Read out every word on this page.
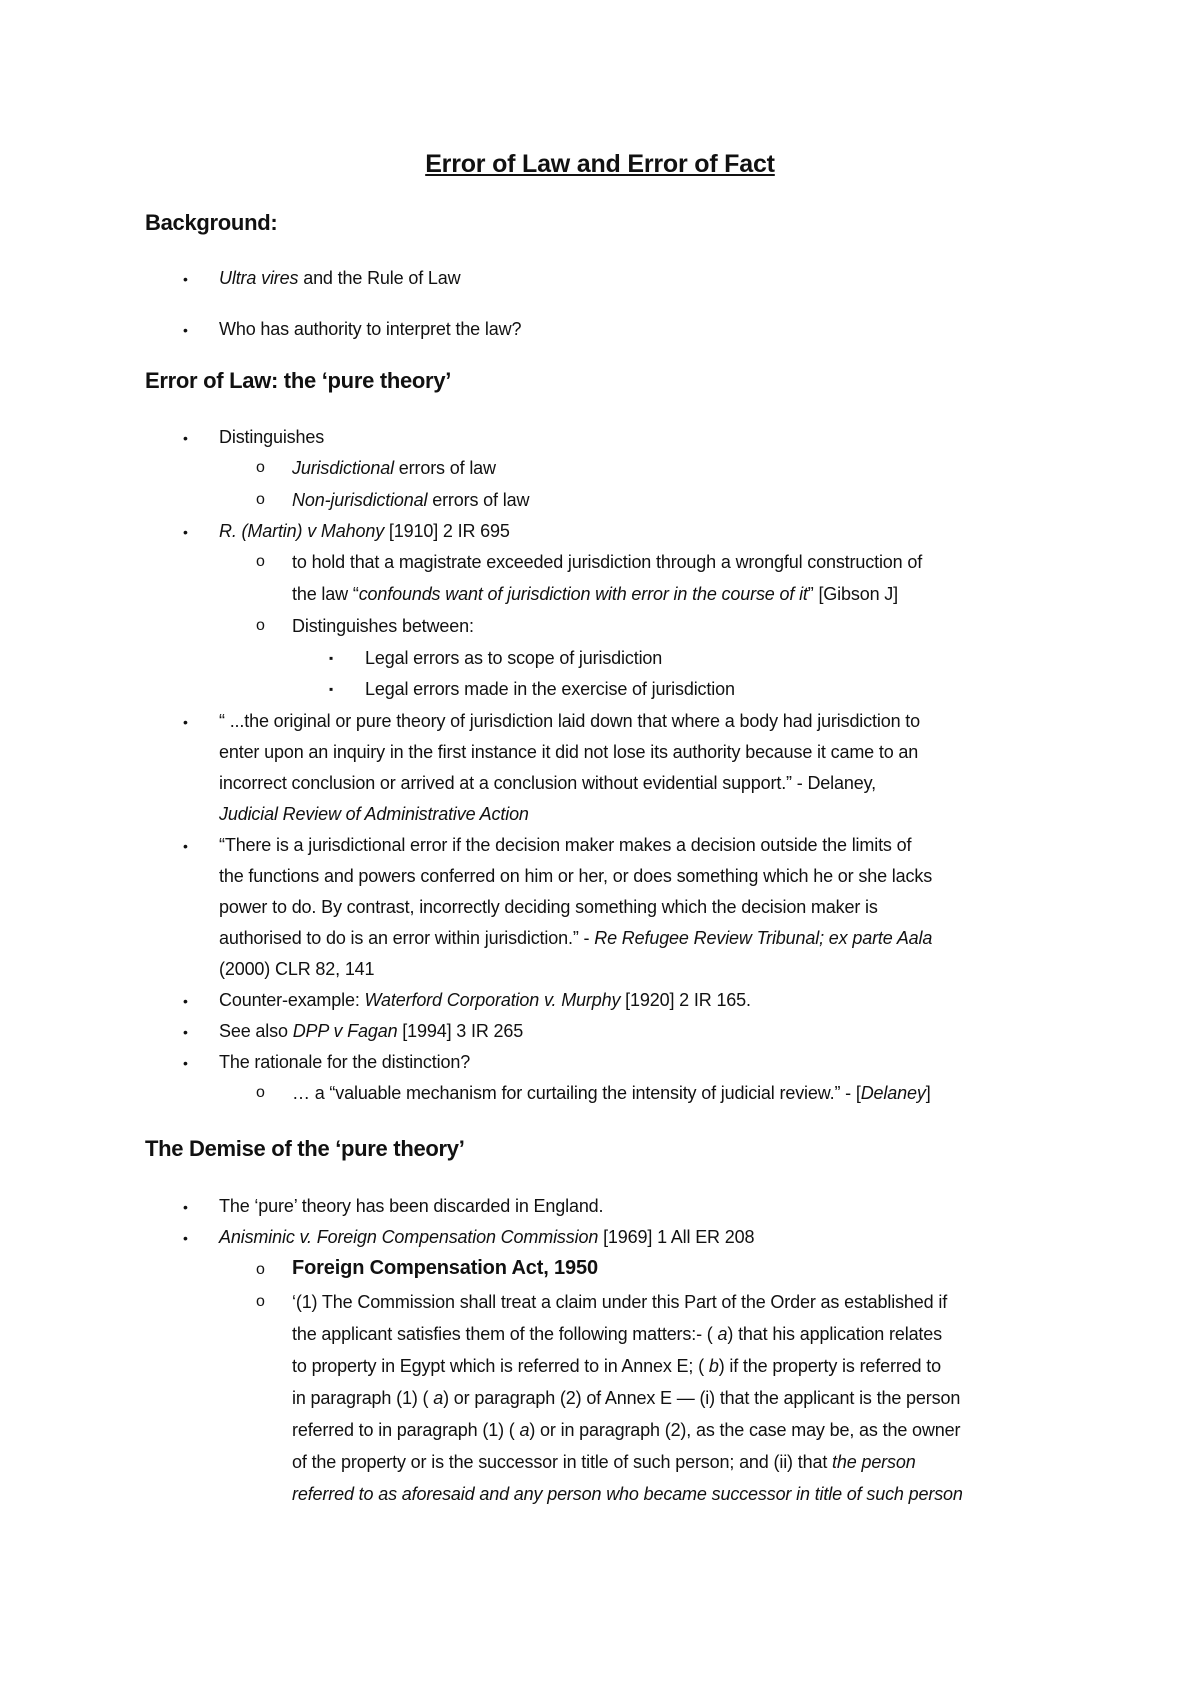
Error of Law and Error of Fact
Background:
• Ultra vires and the Rule of Law
• Who has authority to interpret the law?
Error of Law: the ‘pure theory’
• Distinguishes
o Jurisdictional errors of law
o Non-jurisdictional errors of law
• R. (Martin) v Mahony [1910] 2 IR 695
o to hold that a magistrate exceeded jurisdiction through a wrongful construction of
the law “confounds want of jurisdiction with error in the course of it” [Gibson J]
o Distinguishes between:
▪ Legal errors as to scope of jurisdiction
▪ Legal errors made in the exercise of jurisdiction
• “ ...the original or pure theory of jurisdiction laid down that where a body had jurisdiction to
enter upon an inquiry in the first instance it did not lose its authority because it came to an
incorrect conclusion or arrived at a conclusion without evidential support.” - Delaney,
Judicial Review of Administrative Action
• “There is a jurisdictional error if the decision maker makes a decision outside the limits of
the functions and powers conferred on him or her, or does something which he or she lacks
power to do. By contrast, incorrectly deciding something which the decision maker is
authorised to do is an error within jurisdiction.” - Re Refugee Review Tribunal; ex parte Aala
(2000) CLR 82, 141
• Counter-example: Waterford Corporation v. Murphy [1920] 2 IR 165.
• See also DPP v Fagan [1994] 3 IR 265
• The rationale for the distinction?
o … a “valuable mechanism for curtailing the intensity of judicial review.” - [Delaney]
The Demise of the ‘pure theory’
• The ‘pure’ theory has been discarded in England.
• Anisminic v. Foreign Compensation Commission [1969] 1 All ER 208
o Foreign Compensation Act, 1950
o ‘(1) The Commission shall treat a claim under this Part of the Order as established if
the applicant satisfies them of the following matters:- ( a) that his application relates
to property in Egypt which is referred to in Annex E; ( b) if the property is referred to
in paragraph (1) ( a) or paragraph (2) of Annex E — (i) that the applicant is the person
referred to in paragraph (1) ( a) or in paragraph (2), as the case may be, as the owner
of the property or is the successor in title of such person; and (ii) that the person
referred to as aforesaid and any person who became successor in title of such person
